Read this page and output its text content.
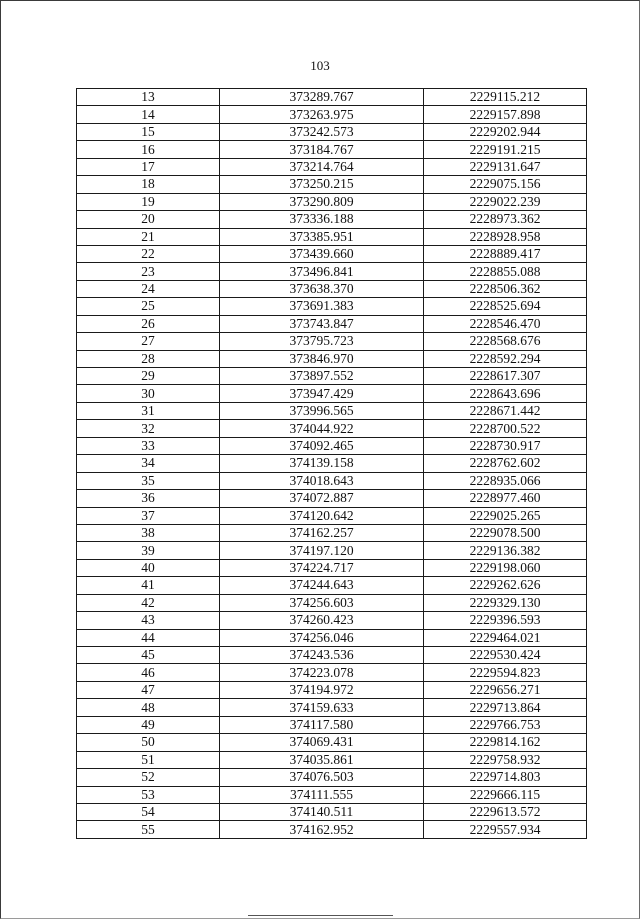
103
13	373289.767	2229115.212
14	373263.975	2229157.898
15	373242.573	2229202.944
16	373184.767	2229191.215
17	373214.764	2229131.647
18	373250.215	2229075.156
19	373290.809	2229022.239
20	373336.188	2228973.362
21	373385.951	2228928.958
22	373439.660	2228889.417
23	373496.841	2228855.088
24	373638.370	2228506.362
25	373691.383	2228525.694
26	373743.847	2228546.470
27	373795.723	2228568.676
28	373846.970	2228592.294
29	373897.552	2228617.307
30	373947.429	2228643.696
31	373996.565	2228671.442
32	374044.922	2228700.522
33	374092.465	2228730.917
34	374139.158	2228762.602
35	374018.643	2228935.066
36	374072.887	2228977.460
37	374120.642	2229025.265
38	374162.257	2229078.500
39	374197.120	2229136.382
40	374224.717	2229198.060
41	374244.643	2229262.626
42	374256.603	2229329.130
43	374260.423	2229396.593
44	374256.046	2229464.021
45	374243.536	2229530.424
46	374223.078	2229594.823
47	374194.972	2229656.271
48	374159.633	2229713.864
49	374117.580	2229766.753
50	374069.431	2229814.162
51	374035.861	2229758.932
52	374076.503	2229714.803
53	374111.555	2229666.115
54	374140.511	2229613.572
55	374162.952	2229557.934
